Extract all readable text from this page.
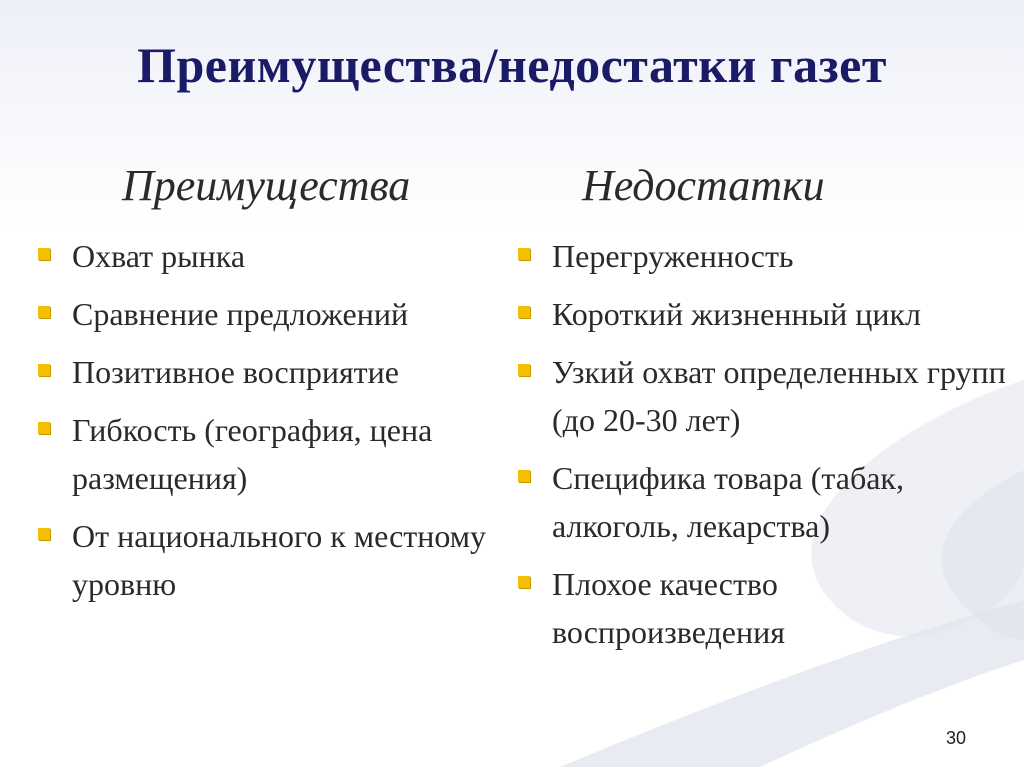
Преимущества/недостатки газет
Преимущества	Недостатки
Охват рынка
Сравнение предложений
Позитивное восприятие
Гибкость (география, цена размещения)
От национального к местному уровню
Перегруженность
Короткий жизненный цикл
Узкий охват определенных групп (до 20-30 лет)
Специфика товара (табак, алкоголь, лекарства)
Плохое качество воспроизведения
30
